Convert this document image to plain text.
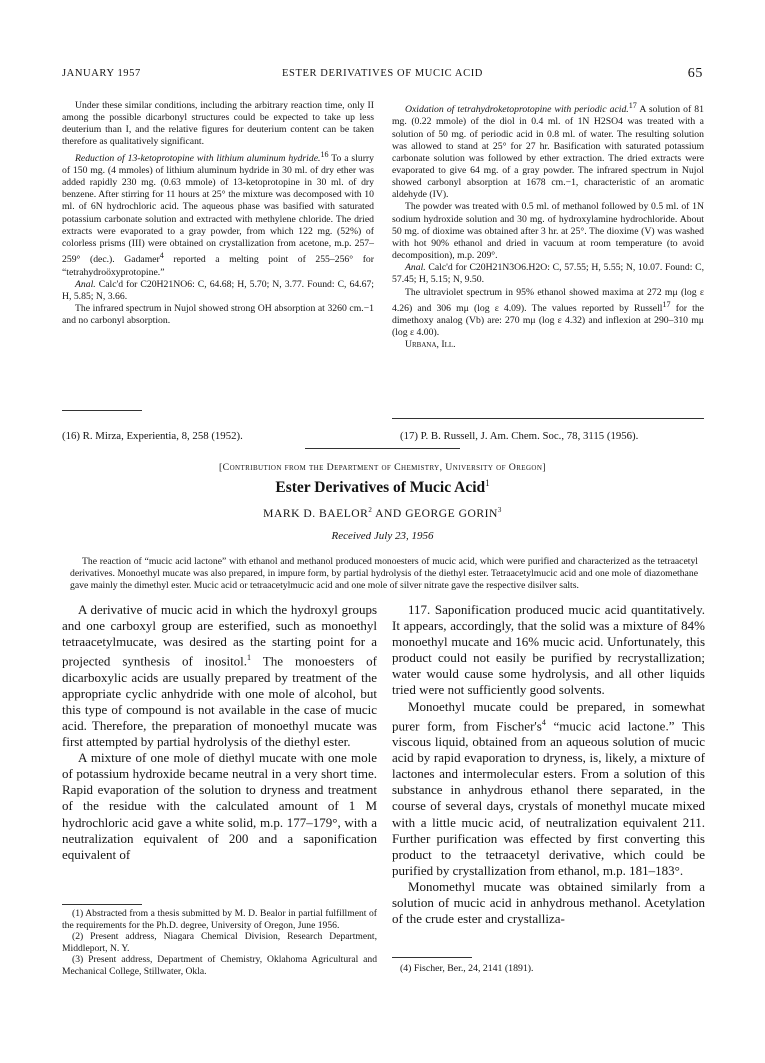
JANUARY 1957	ESTER DERIVATIVES OF MUCIC ACID	65

Under these similar conditions, including the arbitrary reaction time, only II among the possible dicarbonyl structures could be expected to take up less deuterium than I, and the relative figures for deuterium content can be taken therefore as qualitatively significant.

Reduction of 13-ketoprotopine with lithium aluminum hydride.$^{16}$ To a slurry of 150 mg. (4 mmoles) of lithium aluminum hydride in 30 ml. of dry ether was added rapidly 230 mg. (0.63 mmole) of 13-ketoprotopine in 30 ml. of dry benzene. After stirring for 11 hours at 25° the mixture was decomposed with 10 ml. of 6N hydrochloric acid. The aqueous phase was basified with saturated potassium carbonate solution and extracted with methylene chloride. The dried extracts were evaporated to a gray powder, from which 122 mg. (52%) of colorless prisms (III) were obtained on crystallization from acetone, m.p. 257–259° (dec.). Gadamer$^4$ reported a melting point of 255–256° for “tetrahydroöxyprotopine.”

Anal. Calc'd for C20H21NO6: C, 64.68; H, 5.70; N, 3.77. Found: C, 64.67; H, 5.85; N, 3.66.

The infrared spectrum in Nujol showed strong OH absorption at 3260 cm.−1 and no carbonyl absorption.

(16) R. Mirza, Experientia, 8, 258 (1952).

Oxidation of tetrahydroketoprotopine with periodic acid.$^{17}$ A solution of 81 mg. (0.22 mmole) of the diol in 0.4 ml. of 1N H2SO4 was treated with a solution of 50 mg. of periodic acid in 0.8 ml. of water. The resulting solution was allowed to stand at 25° for 27 hr. Basification with saturated potassium carbonate solution was followed by ether extraction. The dried extracts were evaporated to give 64 mg. of a gray powder. The infrared spectrum in Nujol showed carbonyl absorption at 1678 cm.−1, characteristic of an aromatic aldehyde (IV).

The powder was treated with 0.5 ml. of methanol followed by 0.5 ml. of 1N sodium hydroxide solution and 30 mg. of hydroxylamine hydrochloride. About 50 mg. of dioxime was obtained after 3 hr. at 25°. The dioxime (V) was washed with hot 90% ethanol and dried in vacuum at room temperature (to avoid decomposition), m.p. 209°.

Anal. Calc'd for C20H21N3O6.H2O: C, 57.55; H, 5.55; N, 10.07. Found: C, 57.45; H, 5.15; N, 9.50.

The ultraviolet spectrum in 95% ethanol showed maxima at 272 mμ (log ε 4.26) and 306 mμ (log ε 4.09). The values reported by Russell$^{17}$ for the dimethoxy analog (Vb) are: 270 mμ (log ε 4.32) and inflexion at 290–310 mμ (log ε 4.00).

Urbana, Ill.

(17) P. B. Russell, J. Am. Chem. Soc., 78, 3115 (1956).
[Contribution from the Department of Chemistry, University of Oregon]
Ester Derivatives of Mucic Acid$^1$
MARK D. BAELOR$^2$ AND GEORGE GORIN$^3$
Received July 23, 1956

The reaction of “mucic acid lactone” with ethanol and methanol produced monoesters of mucic acid, which were purified and characterized as the tetraacetyl derivatives. Monoethyl mucate was also prepared, in impure form, by partial hydrolysis of the diethyl ester. Tetraacetylmucic acid and one mole of diazomethane gave mainly the dimethyl ester. Mucic acid or tetraacetylmucic acid and one mole of silver nitrate gave the respective disilver salts.

A derivative of mucic acid in which the hydroxyl groups and one carboxyl group are esterified, such as monoethyl tetraacetylmucate, was desired as the starting point for a projected synthesis of inositol.$^1$ The monoesters of dicarboxylic acids are usually prepared by treatment of the appropriate cyclic anhydride with one mole of alcohol, but this type of compound is not available in the case of mucic acid. Therefore, the preparation of monoethyl mucate was first attempted by partial hydrolysis of the diethyl ester.

A mixture of one mole of diethyl mucate with one mole of potassium hydroxide became neutral in a very short time. Rapid evaporation of the solution to dryness and treatment of the residue with the calculated amount of 1 M hydrochloric acid gave a white solid, m.p. 177–179°, with a neutralization equivalent of 200 and a saponification equivalent of

(1) Abstracted from a thesis submitted by M. D. Bealor in partial fulfillment of the requirements for the Ph.D. degree, University of Oregon, June 1956.

(2) Present address, Niagara Chemical Division, Research Department, Middleport, N. Y.

(3) Present address, Department of Chemistry, Oklahoma Agricultural and Mechanical College, Stillwater, Okla.

117. Saponification produced mucic acid quantitatively. It appears, accordingly, that the solid was a mixture of 84% monoethyl mucate and 16% mucic acid. Unfortunately, this product could not easily be purified by recrystallization; water would cause some hydrolysis, and all other liquids tried were not sufficiently good solvents.

Monoethyl mucate could be prepared, in somewhat purer form, from $Fischer's^4$ “mucic acid lactone.” This viscous liquid, obtained from an aqueous solution of mucic acid by rapid evaporation to dryness, is, likely, a mixture of lactones and intermolecular esters. From a solution of this substance in anhydrous ethanol there separated, in the course of several days, crystals of monethyl mucate mixed with a little mucic acid, of neutralization equivalent 211. Further purification was effected by first converting this product to the tetraacetyl derivative, which could be purified by crystallization from ethanol, m.p. 181–183°.

Monomethyl mucate was obtained similarly from a solution of mucic acid in anhydrous methanol. Acetylation of the crude ester and crystalliza-

(4) Fischer, Ber., 24, 2141 (1891).
